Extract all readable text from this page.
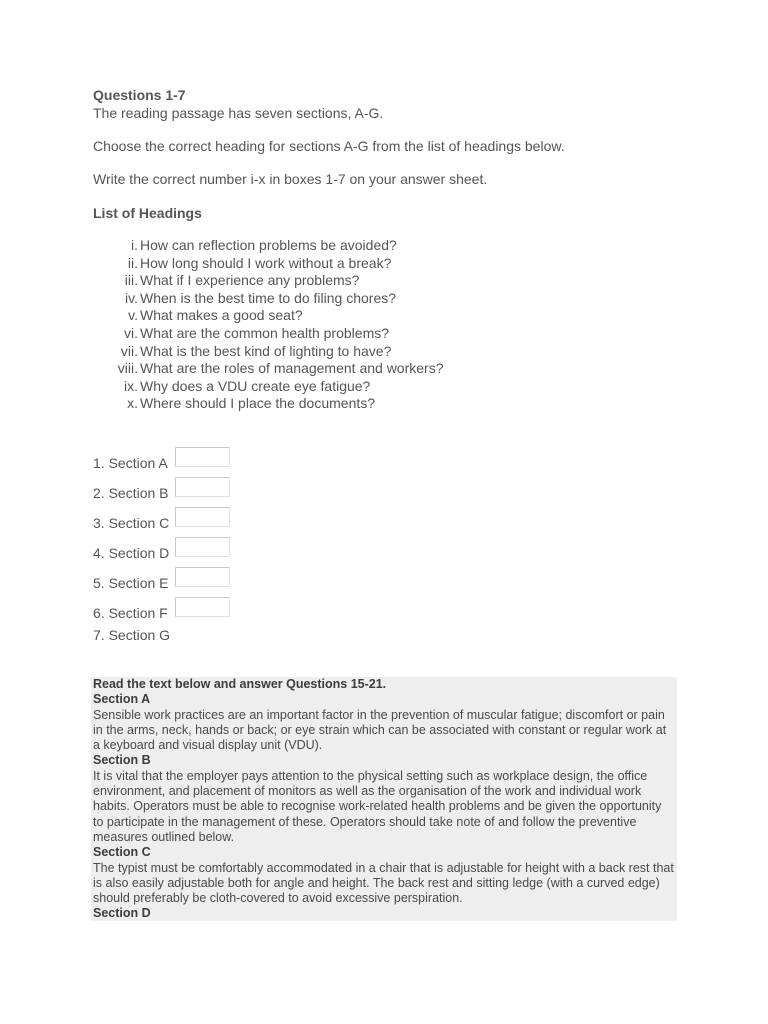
Questions 1-7

The reading passage has seven sections, A-G.

Choose the correct heading for sections A-G from the list of headings below.

Write the correct number i-x in boxes 1-7 on your answer sheet.

List of Headings
i. How can reflection problems be avoided?
ii. How long should I work without a break?
iii. What if I experience any problems?
iv. When is the best time to do filing chores?
v. What makes a good seat?
vi. What are the common health problems?
vii. What is the best kind of lighting to have?
viii. What are the roles of management and workers?
ix. Why does a VDU create eye fatigue?
x. Where should I place the documents?
1. Section A
2. Section B
3. Section C
4. Section D
5. Section E
6. Section F
7. Section G

Read the text below and answer Questions 15-21.

Section A

Sensible work practices are an important factor in the prevention of muscular fatigue; discomfort or pain in the arms, neck, hands or back; or eye strain which can be associated with constant or regular work at a keyboard and visual display unit (VDU).

Section B

It is vital that the employer pays attention to the physical setting such as workplace design, the office environment, and placement of monitors as well as the organisation of the work and individual work habits. Operators must be able to recognise work-related health problems and be given the opportunity to participate in the management of these. Operators should take note of and follow the preventive measures outlined below.

Section C

The typist must be comfortably accommodated in a chair that is adjustable for height with a back rest that is also easily adjustable both for angle and height. The back rest and sitting ledge (with a curved edge) should preferably be cloth-covered to avoid excessive perspiration.

Section D
